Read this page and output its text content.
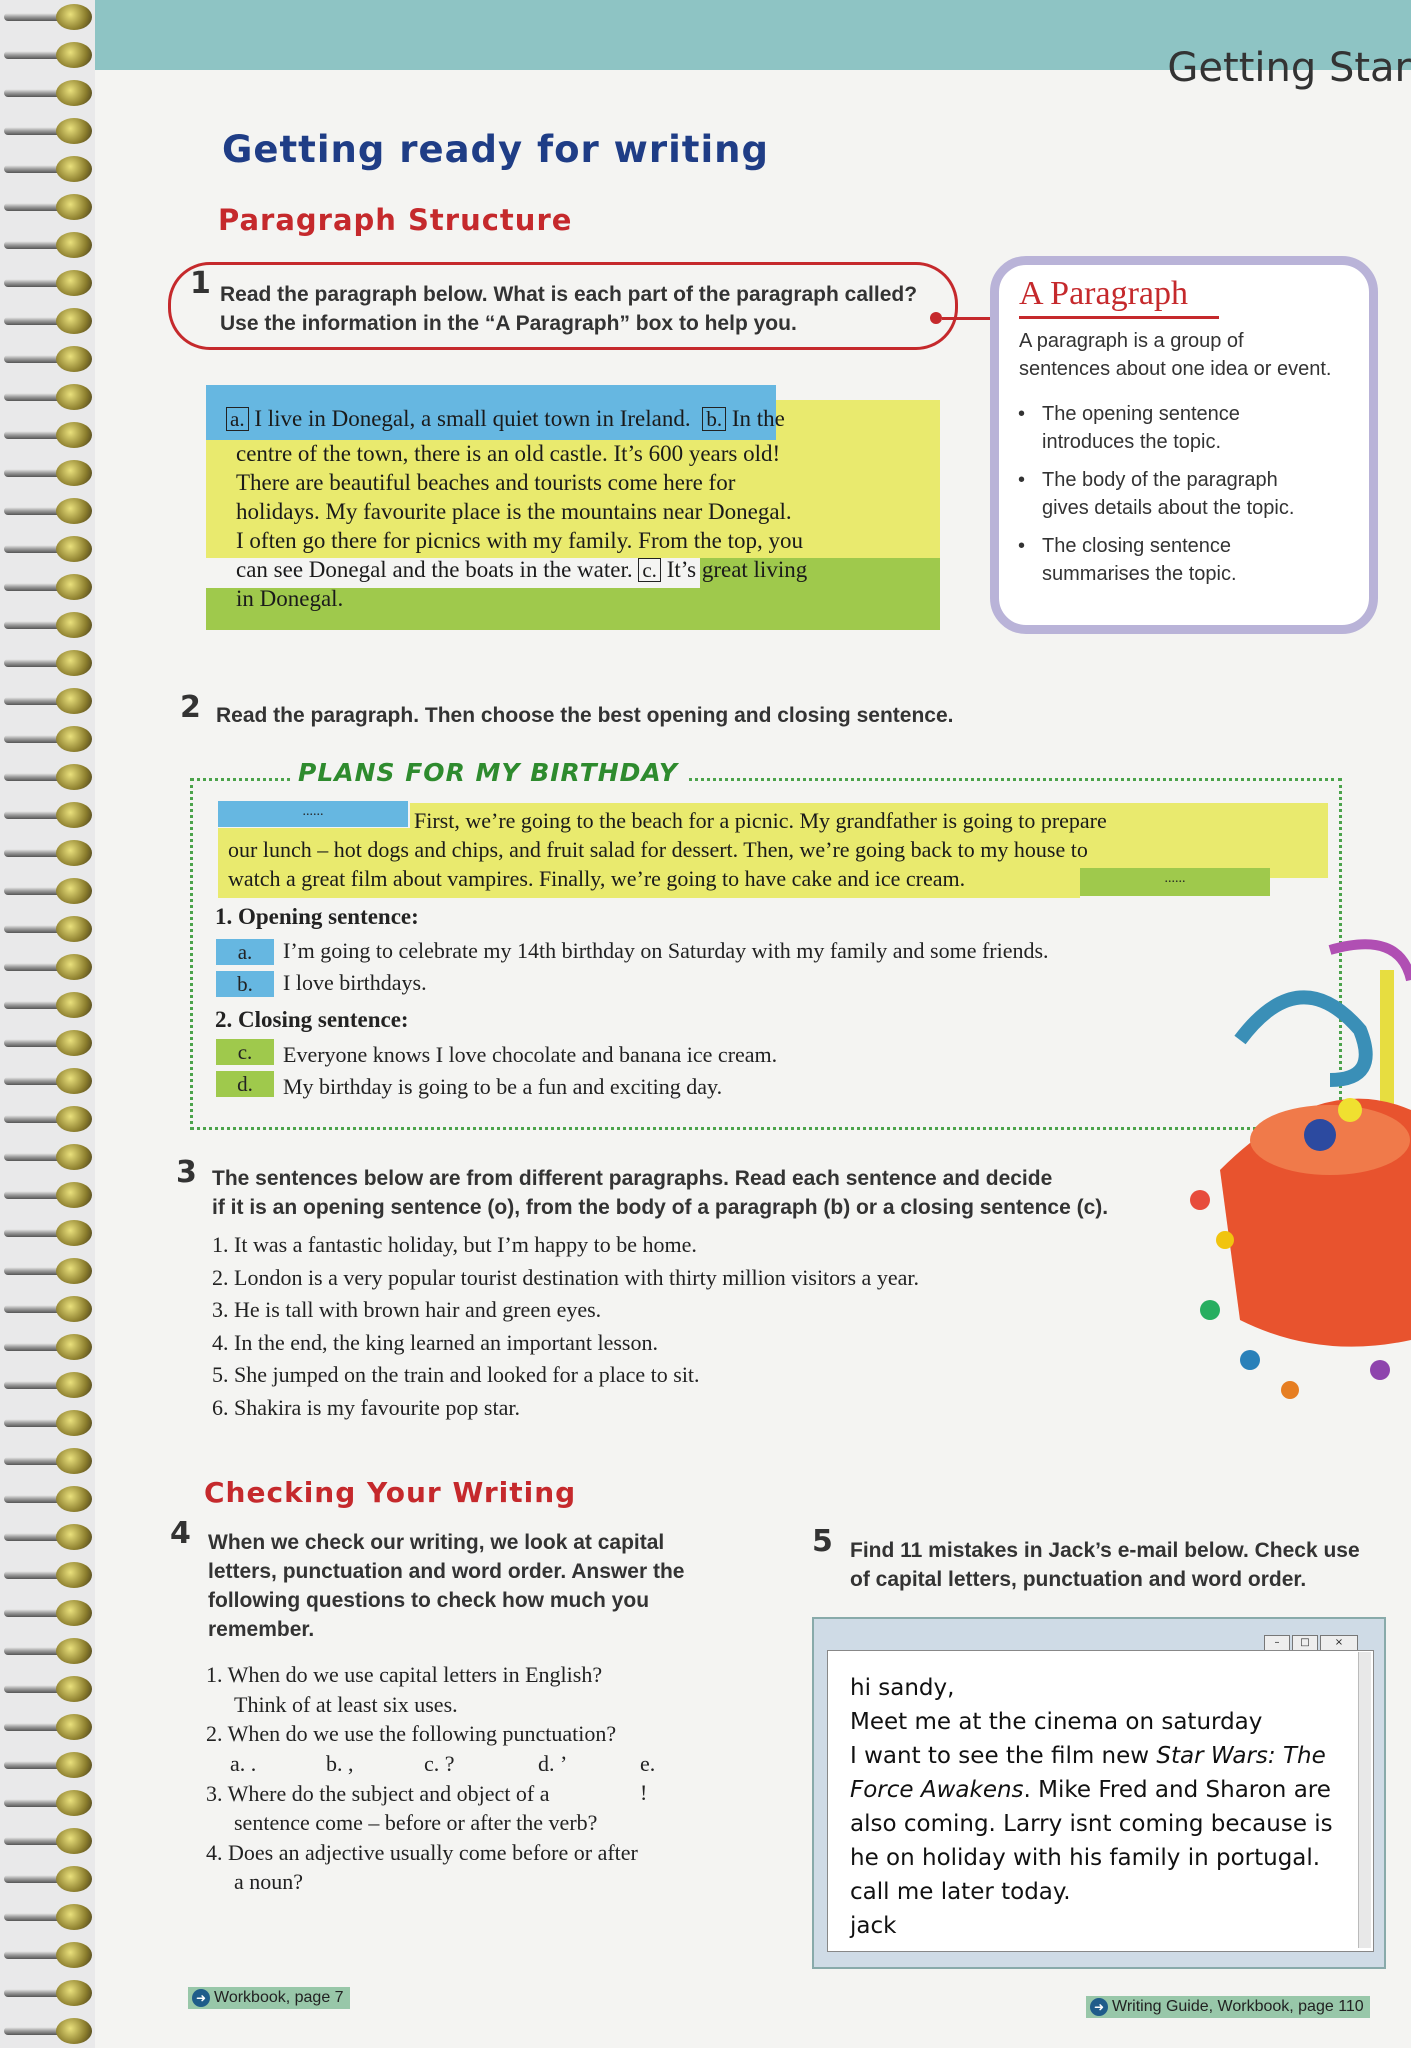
Getting Star
Getting ready for writing
Paragraph Structure
1 Read the paragraph below. What is each part of the paragraph called?
Use the information in the “A Paragraph” box to help you.
a. I live in Donegal, a small quiet town in Ireland. b. In the
centre of the town, there is an old castle. It’s 600 years old!
There are beautiful beaches and tourists come here for
holidays. My favourite place is the mountains near Donegal.
I often go there for picnics with my family. From the top, you
can see Donegal and the boats in the water. c. It’s great living
in Donegal.
A Paragraph
A paragraph is a group of
sentences about one idea or event.
• The opening sentence
introduces the topic.
• The body of the paragraph
gives details about the topic.
• The closing sentence
summarises the topic.
2 Read the paragraph. Then choose the best opening and closing sentence.
PLANS FOR MY BIRTHDAY
......
......
First, we’re going to the beach for a picnic. My grandfather is going to prepare
our lunch – hot dogs and chips, and fruit salad for dessert. Then, we’re going back to my house to
watch a great film about vampires. Finally, we’re going to have cake and ice cream.
1. Opening sentence:
a.	I’m going to celebrate my 14th birthday on Saturday with my family and some friends.
b.	I love birthdays.
2. Closing sentence:
c.	Everyone knows I love chocolate and banana ice cream.
d.	My birthday is going to be a fun and exciting day.
3 The sentences below are from different paragraphs. Read each sentence and decide
if it is an opening sentence (o), from the body of a paragraph (b) or a closing sentence (c).
1. It was a fantastic holiday, but I’m happy to be home.
2. London is a very popular tourist destination with thirty million visitors a year.
3. He is tall with brown hair and green eyes.
4. In the end, the king learned an important lesson.
5. She jumped on the train and looked for a place to sit.
6. Shakira is my favourite pop star.
Checking Your Writing
4 When we check our writing, we look at capital
letters, punctuation and word order. Answer the
following questions to check how much you
remember.
1. When do we use capital letters in English?
Think of at least six uses.
2. When do we use the following punctuation?
a. .	b. ,	c. ?	d. ’	e. !
3. Where do the subject and object of a
sentence come – before or after the verb?
4. Does an adjective usually come before or after
a noun?
5 Find 11 mistakes in Jack’s e-mail below. Check use
of capital letters, punctuation and word order.
–	□	×
hi sandy,
Meet me at the cinema on saturday
I want to see the film new Star Wars: The
Force Awakens. Mike Fred and Sharon are
also coming. Larry isnt coming because is
he on holiday with his family in portugal.
call me later today.
jack
➜ Workbook, page 7
➜ Writing Guide, Workbook, page 110
